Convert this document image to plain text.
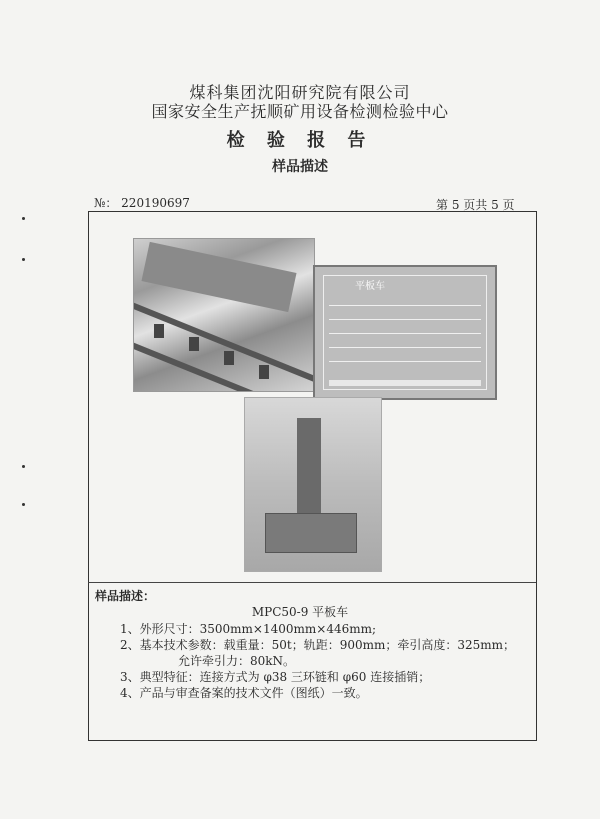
煤科集团沈阳研究院有限公司
国家安全生产抚顺矿用设备检测检验中心
检 验 报 告
样品描述
№： 220190697	第 5 页共 5 页
平板车
样品描述：
MPC50-9 平板车
1、外形尺寸：3500mm×1400mm×446mm;
2、基本技术参数：载重量：50t；轨距：900mm；牵引高度：325mm；
允许牵引力：80kN。
3、典型特征：连接方式为 φ38 三环链和 φ60 连接插销；
4、产品与审查备案的技术文件（图纸）一致。
